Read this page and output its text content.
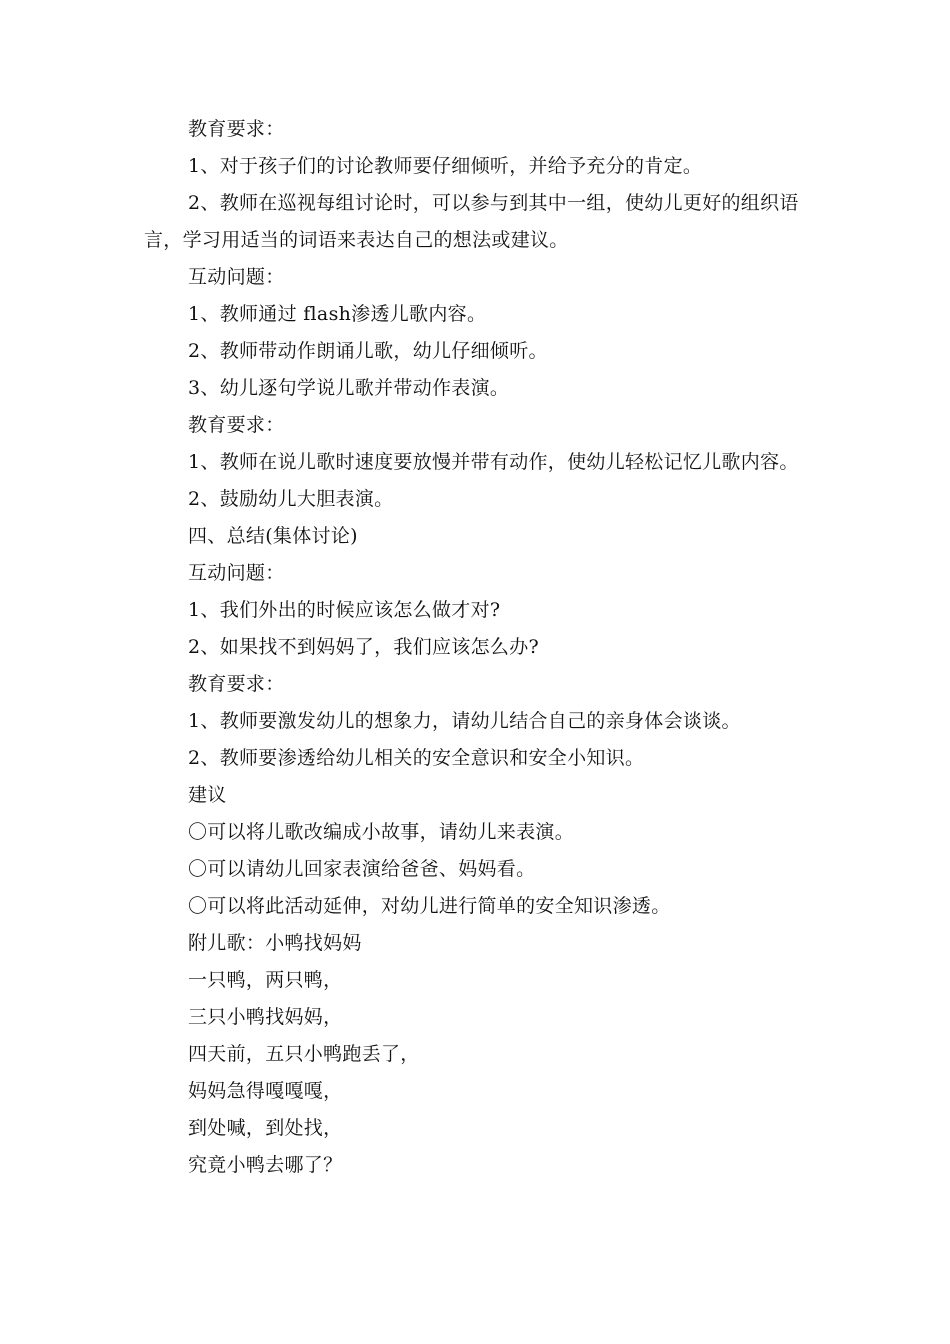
教育要求：

1、对于孩子们的讨论教师要仔细倾听，并给予充分的肯定。

2、教师在巡视每组讨论时，可以参与到其中一组，使幼儿更好的组织语言，学习用适当的词语来表达自己的想法或建议。

互动问题：

1、教师通过 flash渗透儿歌内容。

2、教师带动作朗诵儿歌，幼儿仔细倾听。

3、幼儿逐句学说儿歌并带动作表演。

教育要求：

1、教师在说儿歌时速度要放慢并带有动作，使幼儿轻松记忆儿歌内容。

2、鼓励幼儿大胆表演。

四、总结(集体讨论)

互动问题：

1、我们外出的时候应该怎么做才对?

2、如果找不到妈妈了，我们应该怎么办?

教育要求：

1、教师要激发幼儿的想象力，请幼儿结合自己的亲身体会谈谈。

2、教师要渗透给幼儿相关的安全意识和安全小知识。

建议

〇可以将儿歌改编成小故事，请幼儿来表演。

〇可以请幼儿回家表演给爸爸、妈妈看。

〇可以将此活动延伸，对幼儿进行简单的安全知识渗透。

附儿歌：小鸭找妈妈

一只鸭，两只鸭，

三只小鸭找妈妈，

四天前，五只小鸭跑丢了，

妈妈急得嘎嘎嘎，

到处喊，到处找，

究竟小鸭去哪了？
